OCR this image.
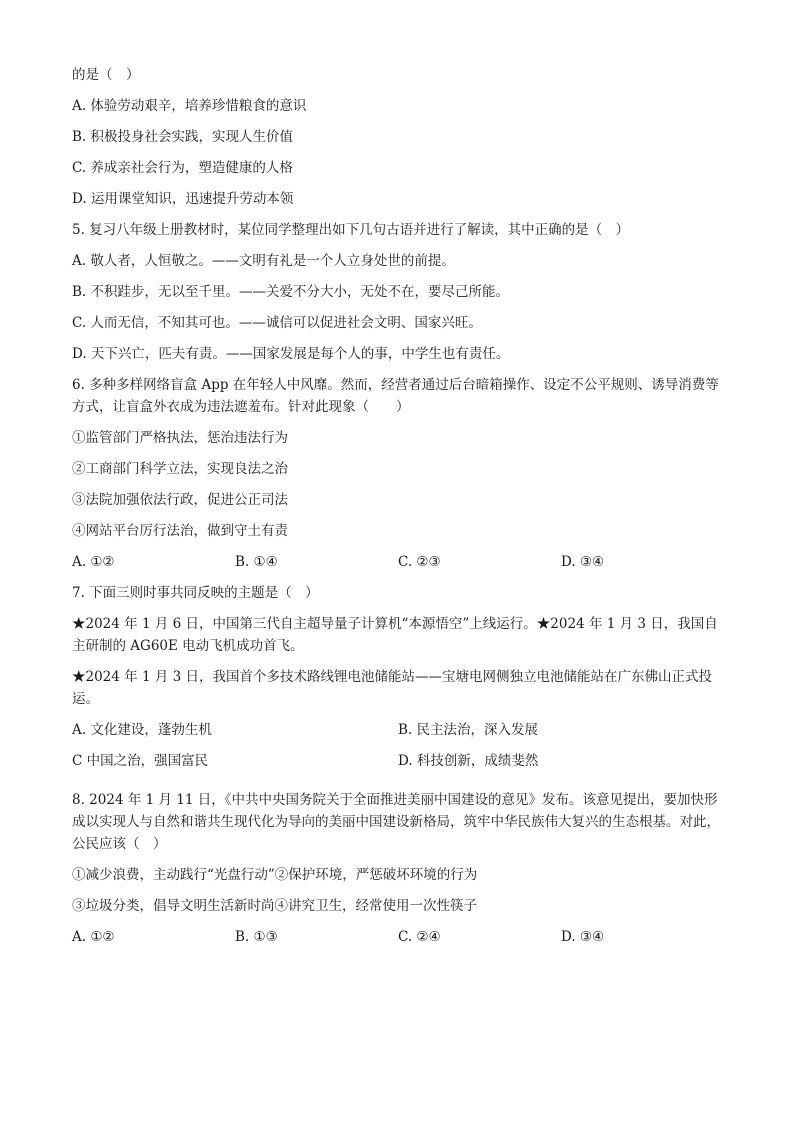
的是（　）
A. 体验劳动艰辛，培养珍惜粮食的意识
B. 积极投身社会实践，实现人生价值
C. 养成亲社会行为，塑造健康的人格
D. 运用课堂知识，迅速提升劳动本领
5. 复习八年级上册教材时，某位同学整理出如下几句古语并进行了解读，其中正确的是（　）
A. 敬人者，人恒敬之。——文明有礼是一个人立身处世的前提。
B. 不积跬步，无以至千里。——关爱不分大小，无处不在，要尽己所能。
C. 人而无信，不知其可也。——诚信可以促进社会文明、国家兴旺。
D. 天下兴亡，匹夫有责。——国家发展是每个人的事，中学生也有责任。
6. 多种多样网络盲盒 App 在年轻人中风靡。然而，经营者通过后台暗箱操作、设定不公平规则、诱导消费等方式，让盲盒外衣成为违法遮羞布。针对此现象（　　）
①监管部门严格执法，惩治违法行为
②工商部门科学立法，实现良法之治
③法院加强依法行政，促进公正司法
④网站平台厉行法治，做到守土有责
A. ①②	B. ①④	C. ②③	D. ③④
7. 下面三则时事共同反映的主题是（　）
★2024 年 1 月 6 日，中国第三代自主超导量子计算机“本源悟空”上线运行。★2024 年 1 月 3 日，我国自主研制的 AG60E 电动飞机成功首飞。
★2024 年 1 月 3 日，我国首个多技术路线锂电池储能站——宝塘电网侧独立电池储能站在广东佛山正式投运。
A. 文化建设，蓬勃生机	B. 民主法治，深入发展
C 中国之治，强国富民	D. 科技创新，成绩斐然
8. 2024 年 1 月 11 日，《中共中央国务院关于全面推进美丽中国建设的意见》发布。该意见提出，要加快形成以实现人与自然和谐共生现代化为导向的美丽中国建设新格局，筑牢中华民族伟大复兴的生态根基。对此，公民应该（　）
①减少浪费，主动践行“光盘行动”②保护环境，严惩破坏环境的行为
③垃圾分类，倡导文明生活新时尚④讲究卫生，经常使用一次性筷子
A. ①②	B. ①③	C. ②④	D. ③④
